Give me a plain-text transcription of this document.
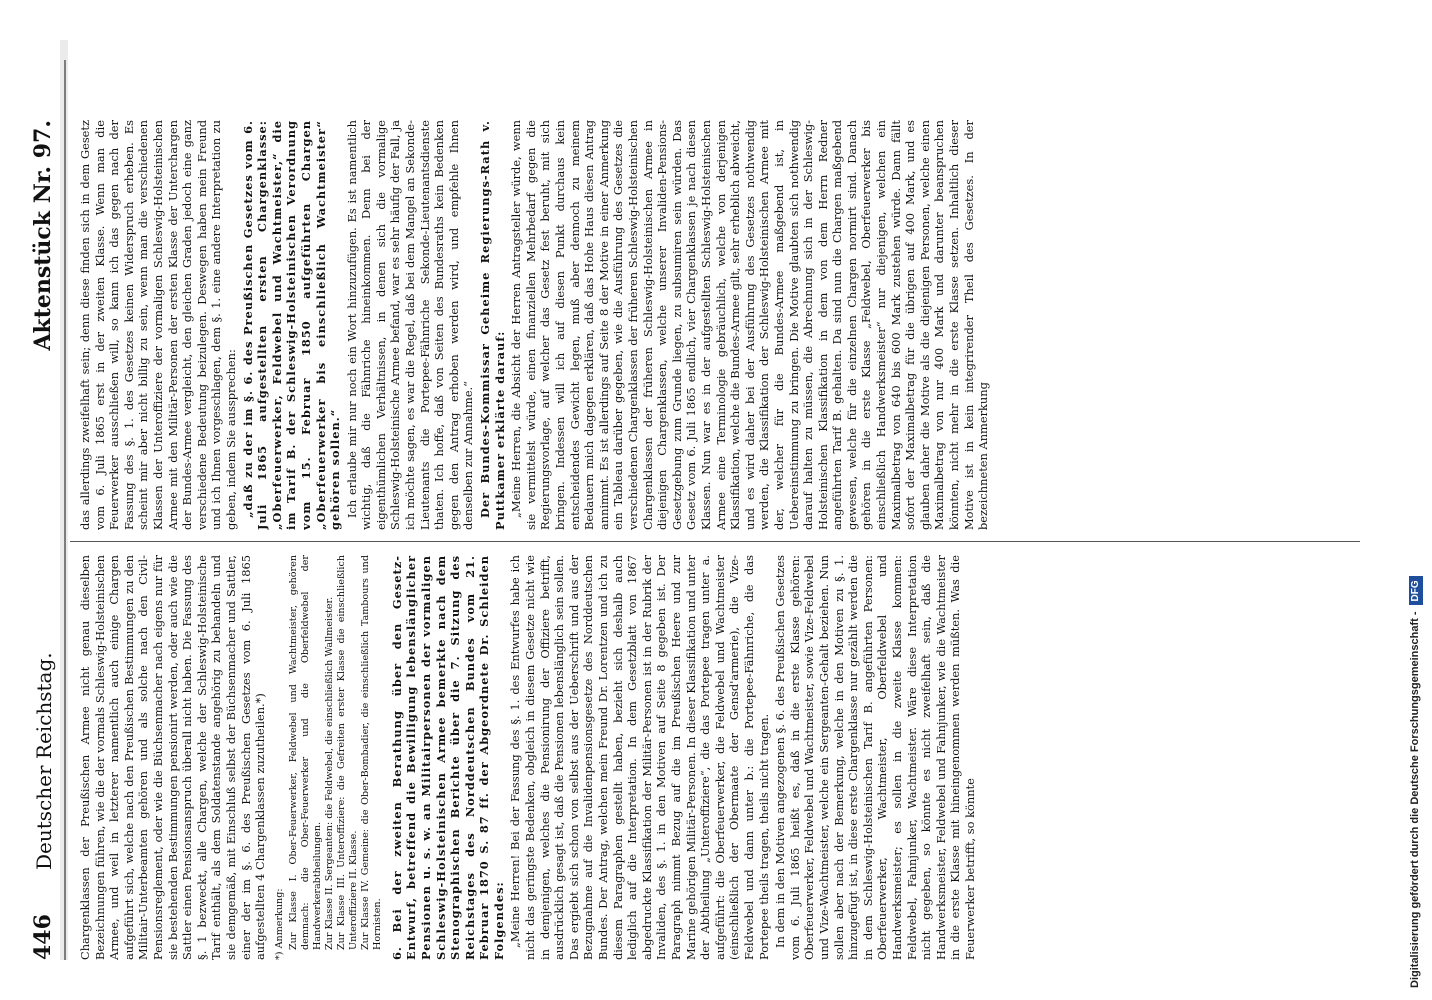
446
Deutscher Reichstag.
Aktenstück Nr. 97.

Chargenklassen der Preußischen Armee nicht genau dieselben Bezeichnungen führen, wie die der vormals Schleswig-Holsteinischen Armee, und weil in letzterer namentlich auch einige Chargen aufgeführt sich, welche nach den Preußischen Bestimmungen zu den Militair-Unterbeamten gehören und als solche nach den Civil-Pensionsreglement, oder wie die Büchsenmacher nach eigens nur für sie bestehenden Bestimmungen pensionirt werden, oder auch wie die Sattler einen Pensionsanspruch überall nicht haben. Die Fassung des §. 1 bezweckt, alle Chargen, welche der Schleswig-Holsteinische Tarif enthält, als dem Soldatenstande angehörig zu behandeln und sie demgemäß, mit Einschluß selbst der Büchsenmacher und Sattler, einer der im §. 6. des Preußischen Gesetzes vom 6. Juli 1865 aufgestellten 4 Chargenklassen zuzutheilen.*) *) Anmerkung: Zur Klasse I. Ober-Feuerwerker, Feldwebel und Wachtmeister, gehören demnach: die Ober-Feuerwerker und die Oberfeldwebel der Handwerkerabtheilungen. Zur Klasse II. Sergeanten: die Feldwebel, die einschließlich Wallmeister. Zur Klasse III. Unteroffiziere: die Gefreiten erster Klasse die einschließlich Unteroffiziere II. Klasse. Zur Klasse IV. Gemeine: die Ober-Bombadier, die einschließlich Tambours und Hornisten. 6. Bei der zweiten Berathung über den Gesetz-Entwurf, betreffend die Bewilligung lebenslänglicher Pensionen u. s. w. an Militairpersonen der vormaligen Schleswig-Holsteinischen Armee bemerkte nach dem Stenographischen Berichte über die 7. Sitzung des Reichstages des Norddeutschen Bundes vom 21. Februar 1870 S. 87 ff. der Abgeordnete Dr. Schleiden Folgendes: „Meine Herren! Bei der Fassung des §. 1. des Entwurfes habe ich nicht das geringste Bedenken, obgleich in diesem Gesetze nicht wie in demjenigen, welches die Pensionirung der Offiziere betrifft, ausdrücklich gesagt ist, daß die Pensionen lebenslänglich sein sollen. Das ergiebt sich schon von selbst aus der Ueberschrift und aus der Bezugnahme auf die Invalidenpensionsgesetze des Norddeutschen Bundes. Der Antrag, welchen mein Freund Dr. Lorentzen und ich zu diesem Paragraphen gestellt haben, bezieht sich deshalb auch lediglich auf die Interpretation. In dem Gesetzblatt von 1867 abgedruckte Klassifikation der Militär-Personen ist in der Rubrik der Invaliden, des §. 1. in den Motiven auf Seite 8 gegeben ist. Der Paragraph nimmt Bezug auf die im Preußischen Heere und zur Marine gehörigen Militär-Personen. In dieser Klassifikation und unter der Abtheilung „Unteroffiziere“, die das Portepee tragen unter a. aufgeführt: die Oberfeuerwerker, die Feldwebel und Wachtmeister (einschließlich der Obermaate der Gensd'armerie), die Vize-Feldwebel und dann unter b.: die Portepee-Fähnriche, die das Portepee theils tragen, theils nicht tragen. In dem in den Motiven angezogenen §. 6. des Preußischen Gesetzes vom 6. Juli 1865 heißt es, daß in die erste Klasse gehören: Oberfeuerwerker, Feldwebel und Wachtmeister, sowie Vize-Feldwebel und Vize-Wachtmeister, welche ein Sergeanten-Gehalt beziehen. Nun sollen aber nach der Bemerkung, welche in den Motiven zu §. 1. hinzugefügt ist, in diese erste Chargenklasse nur gezählt werden die in dem Schleswig-Holsteinischen Tarif B. angeführten Personen: Oberfeuerwerker, Wachtmeister, Oberfeldwebel und Handwerksmeister; es sollen in die zweite Klasse kommen: Feldwebel, Fahnjunker, Wachtmeister. Wäre diese Interpretation nicht gegeben, so könnte es nicht zweifelhaft sein, daß die Handwerksmeister, Feldwebel und Fahnjunker, wie die Wachtmeister in die erste Klasse mit hineingenommen werden müßten. Was die Feuerwerker betrifft, so könnte

das allerdings zweifelhaft sein; denn diese finden sich in dem Gesetz vom 6. Juli 1865 erst in der zweiten Klasse. Wenn man die Feuerwerker ausschließen will, so kann ich das gegen nach der Fassung des §. 1. des Gesetzes keinen Widerspruch erheben. Es scheint mir aber nicht billig zu sein, wenn man die verschiedenen Klassen der Unteroffiziere der vormaligen Schleswig-Holsteinischen Armee mit den Militär-Personen der ersten Klasse der Unterchargen der Bundes-Armee vergleicht, den gleichen Graden jedoch eine ganz verschiedene Bedeutung beizulegen. Deswegen haben mein Freund und ich Ihnen vorgeschlagen, dem §. 1. eine andere Interpretation zu geben, indem Sie aussprechen: „daß zu der im §. 6. des Preußischen Gesetzes vom 6. Juli 1865 aufgestellten ersten Chargenklasse: „Oberfeuerwerker, Feldwebel und Wachtmeister,“ die im Tarif B. der Schleswig-Holsteinischen Verordnung vom 15. Februar 1850 aufgeführten Chargen „Oberfeuerwerker bis einschließlich Wachtmeister“ gehören sollen.“ Ich erlaube mir nur noch ein Wort hinzuzufügen. Es ist namentlich wichtig, daß die Fähnriche hineinkommen. Denn bei der eigenthümlichen Verhältnissen, in denen sich die vormalige Schleswig-Holsteinische Armee befand, war es sehr häufig der Fall, ja ich möchte sagen, es war die Regel, daß bei dem Mangel an Sekonde-Lieutenants die Portepee-Fähnriche Sekonde-Lieutenantsdienste thaten. Ich hoffe, daß von Seiten des Bundesraths kein Bedenken gegen den Antrag erhoben werden wird, und empfehle Ihnen denselben zur Annahme.“ Der Bundes-Kommissar Geheime Regierungs-Rath v. Puttkamer erklärte darauf: „Meine Herren, die Absicht der Herren Antragsteller würde, wenn sie vermittelst würde, einen finanziellen Mehrbedarf gegen die Regierungsvorlage, auf welcher das Gesetz fest beruht, mit sich bringen. Indessen will ich auf diesen Punkt durchaus kein entscheidendes Gewicht legen, muß aber dennoch zu meinem Bedauern mich dagegen erklären, daß das Hohe Haus diesen Antrag annimmt. Es ist allerdings auf Seite 8 der Motive in einer Anmerkung ein Tableau darüber gegeben, wie die Ausführung des Gesetzes die verschiedenen Chargenklassen der früheren Schleswig-Holsteinischen Chargenklassen der früheren Schleswig-Holsteinischen Armee in diejenigen Chargenklassen, welche unserer Invaliden-Pensions-Gesetzgebung zum Grunde liegen, zu subsumiren sein würden. Das Gesetz vom 6. Juli 1865 endlich, vier Chargenklassen je nach diesen Klassen. Nun war es in der aufgestellten Schleswig-Holsteinischen Armee eine Terminologie gebräuchlich, welche von derjenigen Klassifikation, welche die Bundes-Armee gilt, sehr erheblich abweicht, und es wird daher bei der Ausführung des Gesetzes nothwendig werden, die Klassifikation der Schleswig-Holsteinischen Armee mit der, welcher für die Bundes-Armee maßgebend ist, in Uebereinstimmung zu bringen. Die Motive glaubten sich nothwendig darauf halten zu müssen, die Abrechnung sich in der Schleswig-Holsteinischen Klassifikation in dem von dem Herrn Redner angeführten Tarif B. gehalten. Da sind nun die Chargen maßgebend gewesen, welche für die einzelnen Chargen normirt sind. Danach gehören in die erste Klasse „Feldwebel, Oberfeuerwerker bis einschließlich Handwerksmeister“ nur diejenigen, welchen ein Maximalbetrag von 640 bis 600 Mark zustehen würde. Dann fällt sofort der Maximalbetrag für die übrigen auf 400 Mark, und es glauben daher die Motive als die diejenigen Personen, welche einen Maximalbetrag von nur 400 Mark und darunter beanspruchen könnten, nicht mehr in die erste Klasse setzen. Inhaltlich dieser Motive ist in kein integrirender Theil des Gesetzes. In der bezeichneten Anmerkung

Digitalisierung gefördert durch die Deutsche Forschungsgemeinschaft -DFG
